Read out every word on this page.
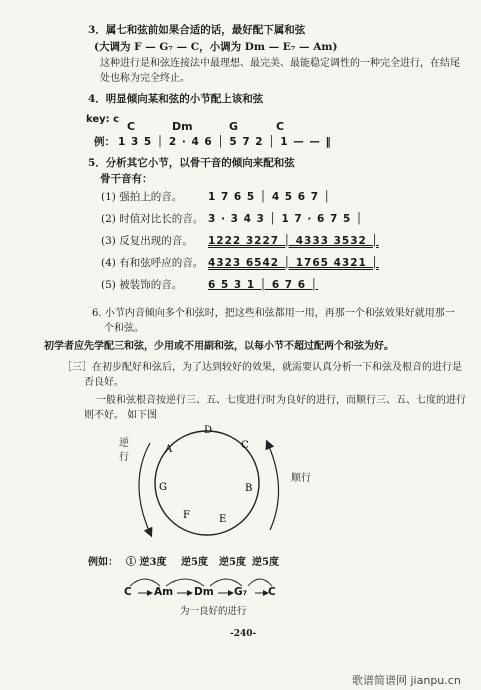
3．属七和弦前如果合适的话，最好配下属和弦
(大调为 F — G₇ — C，小调为 Dm — E₇ — Am)
这种进行是和弦连接法中最理想、最完美、最能稳定调性的一种完全进行，在结尾
处也称为完全终止。
4．明显倾向某和弦的小节配上该和弦
key: c
C	Dm	G	C
例： 1 3 5 │ 2 · 4 6 │ 5 7 2 │ 1 — — ‖
5．分析其它小节，以骨干音的倾向来配和弦
骨干音有：
(1) 强拍上的音。 1 7 6 5 │ 4 5 6 7 │
(2) 时值对比长的音。 3 · 3 4 3 │ 1 7 · 6 7 5 │
(3) 反复出现的音。 1222 3227 │ 4333 3532 │
(4) 有和弦呼应的音。 4323 6542 │ 1765 4321 │
(5) 被装饰的音。 6 5 3 1 │ 6 7 6 │
6. 小节内音倾向多个和弦时，把这些和弦都用一用，再那一个和弦效果好就用那一
个和弦。
初学者应先学配三和弦，少用或不用副和弦，以每小节不超过配两个和弦为好。
［三］在初步配好和弦后，为了达到较好的效果，就需要认真分析一下和弦及根音的进行是
否良好。
一般和弦根音按逆行三、五、七度进行时为良好的进行，而顺行三、五、七度的进行
则不好。 如下图
D
C
B
E
F
G
A
逆行
顺行
例如： ① 逆3度 逆5度 逆5度 逆5度
C Am Dm G₇ C
为一良好的进行
-240-
歌谱简谱网 jianpu.cn
